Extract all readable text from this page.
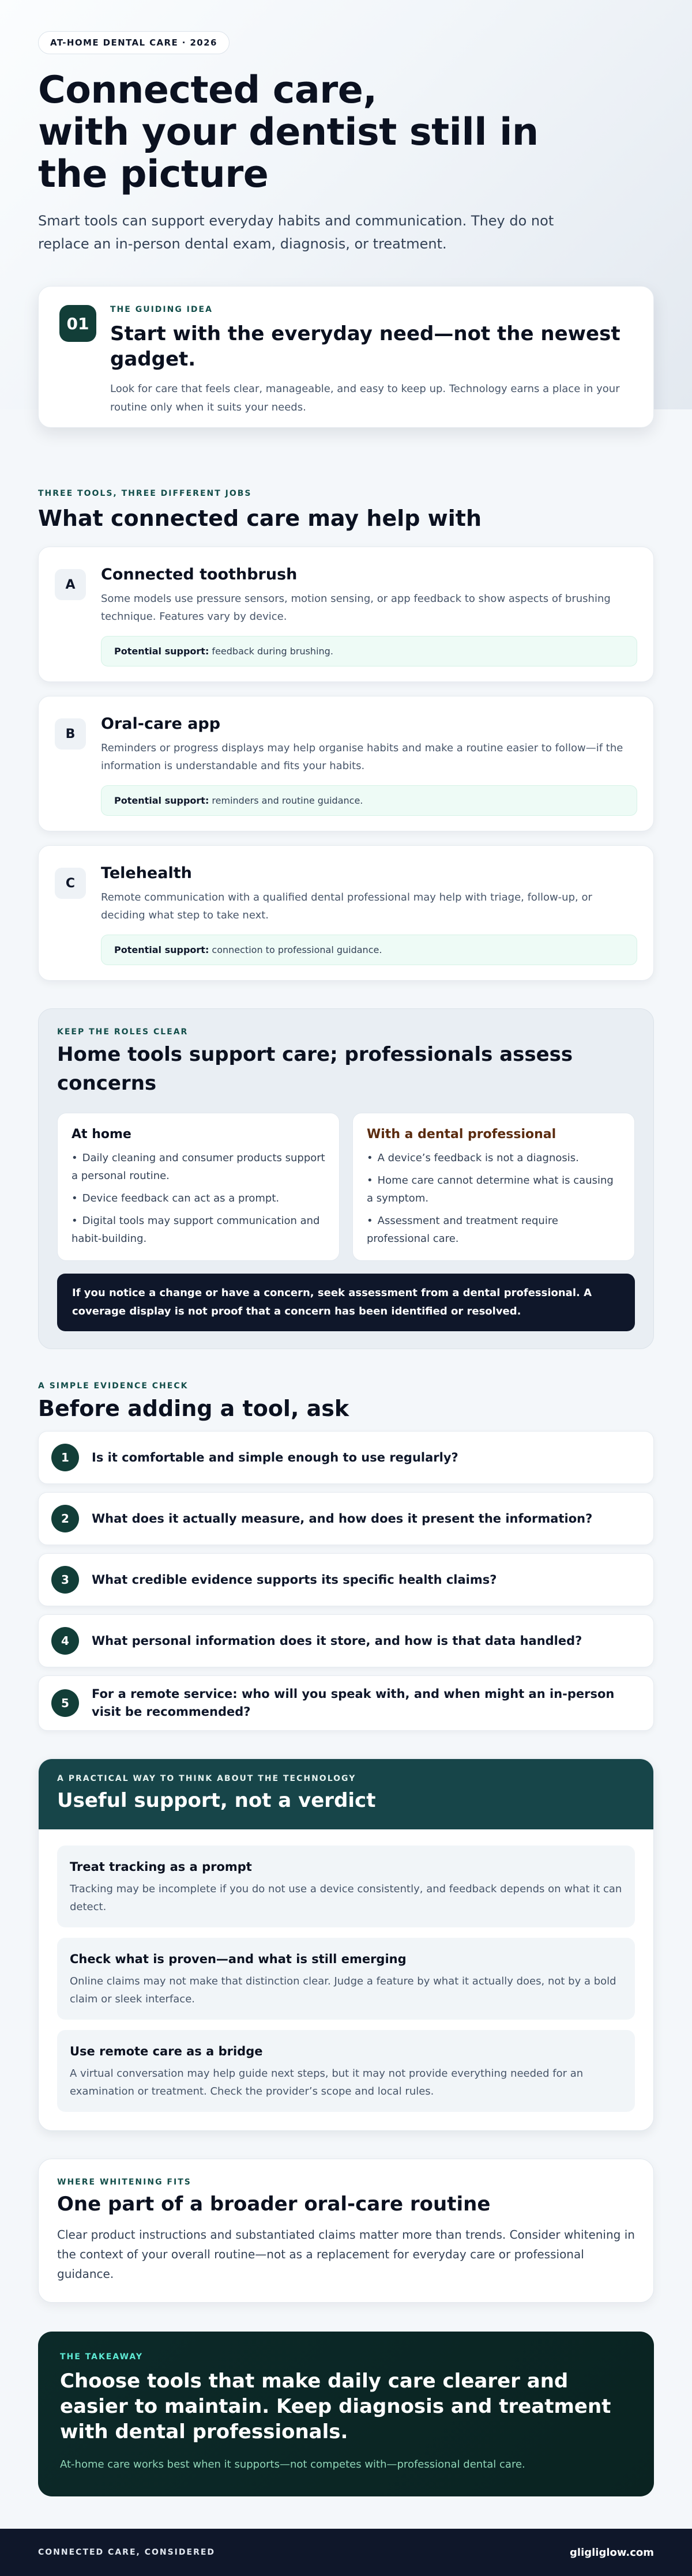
AT-HOME DENTAL CARE · 2026
Connected care,
with your dentist still in
the picture

Smart tools can support everyday habits and communication. They do not replace an in-person dental exam, diagnosis, or treatment.

01
THE GUIDING IDEA
Start with the everyday need—not the newest gadget.

Look for care that feels clear, manageable, and easy to keep up. Technology earns a place in your routine only when it suits your needs.

THREE TOOLS, THREE DIFFERENT JOBS
What connected care may help with
A
Connected toothbrush

Some models use pressure sensors, motion sensing, or app feedback to show aspects of brushing technique. Features vary by device.

Potential support: feedback during brushing.
B
Oral-care app

Reminders or progress displays may help organise habits and make a routine easier to follow—if the information is understandable and fits your habits.

Potential support: reminders and routine guidance.
C
Telehealth

Remote communication with a qualified dental professional may help with triage, follow-up, or deciding what step to take next.

Potential support: connection to professional guidance.
KEEP THE ROLES CLEAR
Home tools support care; professionals assess concerns
At home
• Daily cleaning and consumer products support a personal routine.
• Device feedback can act as a prompt.
• Digital tools may support communication and habit-building.
With a dental professional
• A device’s feedback is not a diagnosis.
• Home care cannot determine what is causing a symptom.
• Assessment and treatment require professional care.
If you notice a change or have a concern, seek assessment from a dental professional. A coverage display is not proof that a concern has been identified or resolved.
A SIMPLE EVIDENCE CHECK
Before adding a tool, ask
1	Is it comfortable and simple enough to use regularly?
2	What does it actually measure, and how does it present the information?
3	What credible evidence supports its specific health claims?
4	What personal information does it store, and how is that data handled?
5
For a remote service: who will you speak with, and when might an in-person visit be recommended?
A PRACTICAL WAY TO THINK ABOUT THE TECHNOLOGY
Useful support, not a verdict
Treat tracking as a prompt

Tracking may be incomplete if you do not use a device consistently, and feedback depends on what it can detect.

Check what is proven—and what is still emerging

Online claims may not make that distinction clear. Judge a feature by what it actually does, not by a bold claim or sleek interface.

Use remote care as a bridge

A virtual conversation may help guide next steps, but it may not provide everything needed for an examination or treatment. Check the provider’s scope and local rules.

WHERE WHITENING FITS
One part of a broader oral-care routine

Clear product instructions and substantiated claims matter more than trends. Consider whitening in the context of your overall routine—not as a replacement for everyday care or professional guidance.

THE TAKEAWAY
Choose tools that make daily care clearer and easier to maintain. Keep diagnosis and treatment with dental professionals.

At-home care works best when it supports—not competes with—professional dental care.

CONNECTED CARE, CONSIDERED	gligliglow.com
